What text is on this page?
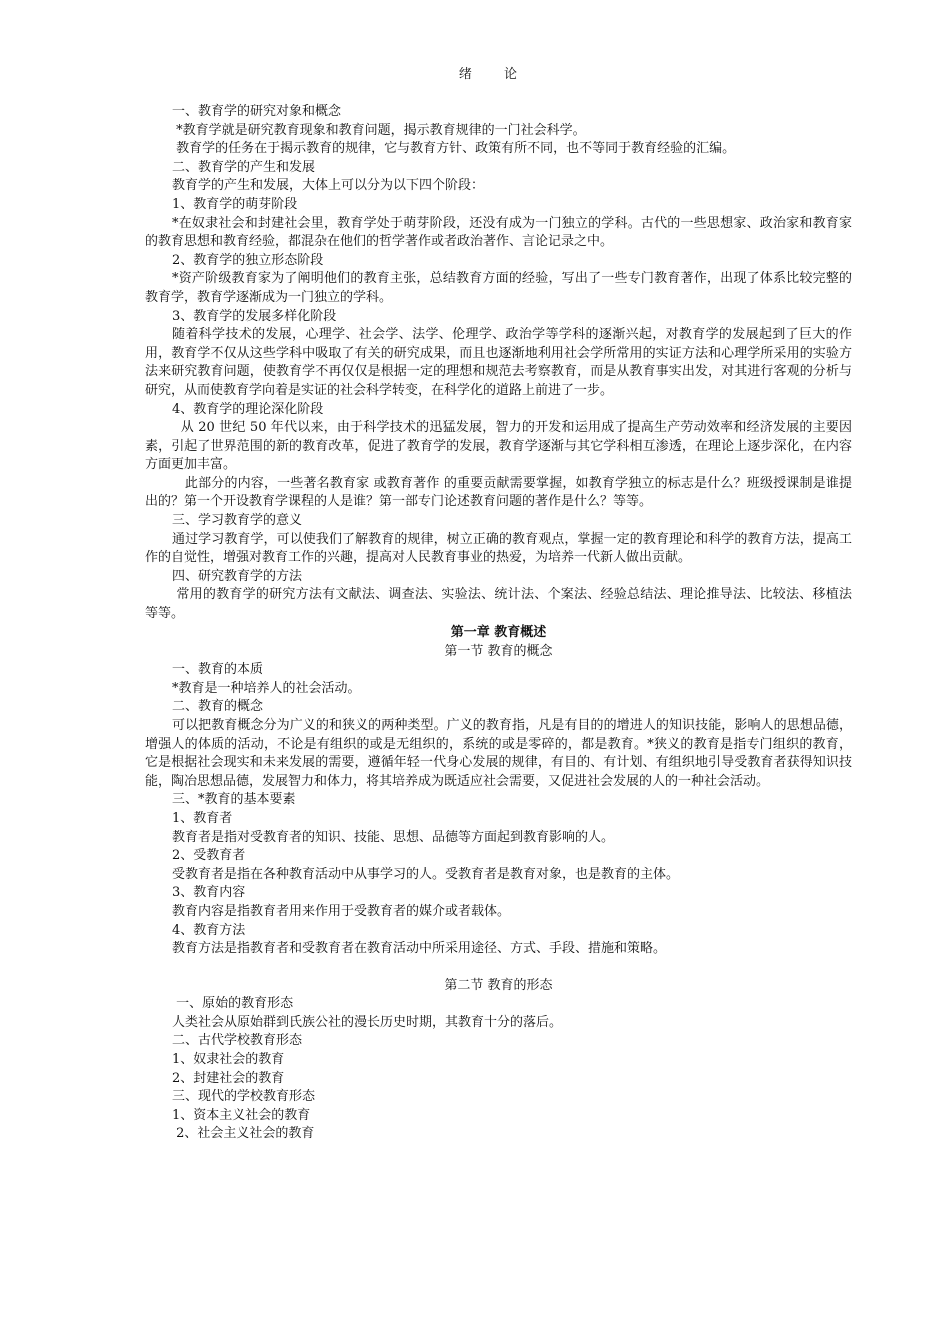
绪 论

一、教育学的研究对象和概念

*教育学就是研究教育现象和教育问题，揭示教育规律的一门社会科学。

教育学的任务在于揭示教育的规律，它与教育方针、政策有所不同，也不等同于教育经验的汇编。

二、教育学的产生和发展

教育学的产生和发展，大体上可以分为以下四个阶段：

1、教育学的萌芽阶段

*在奴隶社会和封建社会里，教育学处于萌芽阶段，还没有成为一门独立的学科。古代的一些思想家、政治家和教育家的教育思想和教育经验，都混杂在他们的哲学著作或者政治著作、言论记录之中。

2、教育学的独立形态阶段

*资产阶级教育家为了阐明他们的教育主张，总结教育方面的经验，写出了一些专门教育著作，出现了体系比较完整的教育学，教育学逐渐成为一门独立的学科。

3、教育学的发展多样化阶段

随着科学技术的发展，心理学、社会学、法学、伦理学、政治学等学科的逐渐兴起，对教育学的发展起到了巨大的作用，教育学不仅从这些学科中吸取了有关的研究成果，而且也逐渐地利用社会学所常用的实证方法和心理学所采用的实验方法来研究教育问题，使教育学不再仅仅是根据一定的理想和规范去考察教育，而是从教育事实出发，对其进行客观的分析与研究，从而使教育学向着是实证的社会科学转变，在科学化的道路上前进了一步。

4、教育学的理论深化阶段

从 20 世纪 50 年代以来，由于科学技术的迅猛发展，智力的开发和运用成了提高生产劳动效率和经济发展的主要因素，引起了世界范围的新的教育改革，促进了教育学的发展，教育学逐渐与其它学科相互渗透，在理论上逐步深化，在内容方面更加丰富。

此部分的内容，一些著名教育家 或教育著作 的重要贡献需要掌握，如教育学独立的标志是什么？班级授课制是谁提出的？第一个开设教育学课程的人是谁？第一部专门论述教育问题的著作是什么？等等。

三、学习教育学的意义

通过学习教育学，可以使我们了解教育的规律，树立正确的教育观点，掌握一定的教育理论和科学的教育方法，提高工作的自觉性，增强对教育工作的兴趣，提高对人民教育事业的热爱，为培养一代新人做出贡献。

四、研究教育学的方法

常用的教育学的研究方法有文献法、调查法、实验法、统计法、个案法、经验总结法、理论推导法、比较法、移植法等等。

第一章 教育概述

第一节 教育的概念

一、教育的本质

*教育是一种培养人的社会活动。

二、教育的概念

可以把教育概念分为广义的和狭义的两种类型。广义的教育指，凡是有目的的增进人的知识技能，影响人的思想品德，增强人的体质的活动，不论是有组织的或是无组织的，系统的或是零碎的，都是教育。*狭义的教育是指专门组织的教育，它是根据社会现实和未来发展的需要，遵循年轻一代身心发展的规律，有目的、有计划、有组织地引导受教育者获得知识技能，陶冶思想品德，发展智力和体力，将其培养成为既适应社会需要，又促进社会发展的人的一种社会活动。

三、*教育的基本要素

1、教育者

教育者是指对受教育者的知识、技能、思想、品德等方面起到教育影响的人。

2、受教育者

受教育者是指在各种教育活动中从事学习的人。受教育者是教育对象，也是教育的主体。

3、教育内容

教育内容是指教育者用来作用于受教育者的媒介或者载体。

4、教育方法

教育方法是指教育者和受教育者在教育活动中所采用途径、方式、手段、措施和策略。

第二节 教育的形态

一、原始的教育形态

人类社会从原始群到氏族公社的漫长历史时期，其教育十分的落后。

二、古代学校教育形态

1、奴隶社会的教育

2、封建社会的教育

三、现代的学校教育形态

1、资本主义社会的教育

2、社会主义社会的教育
